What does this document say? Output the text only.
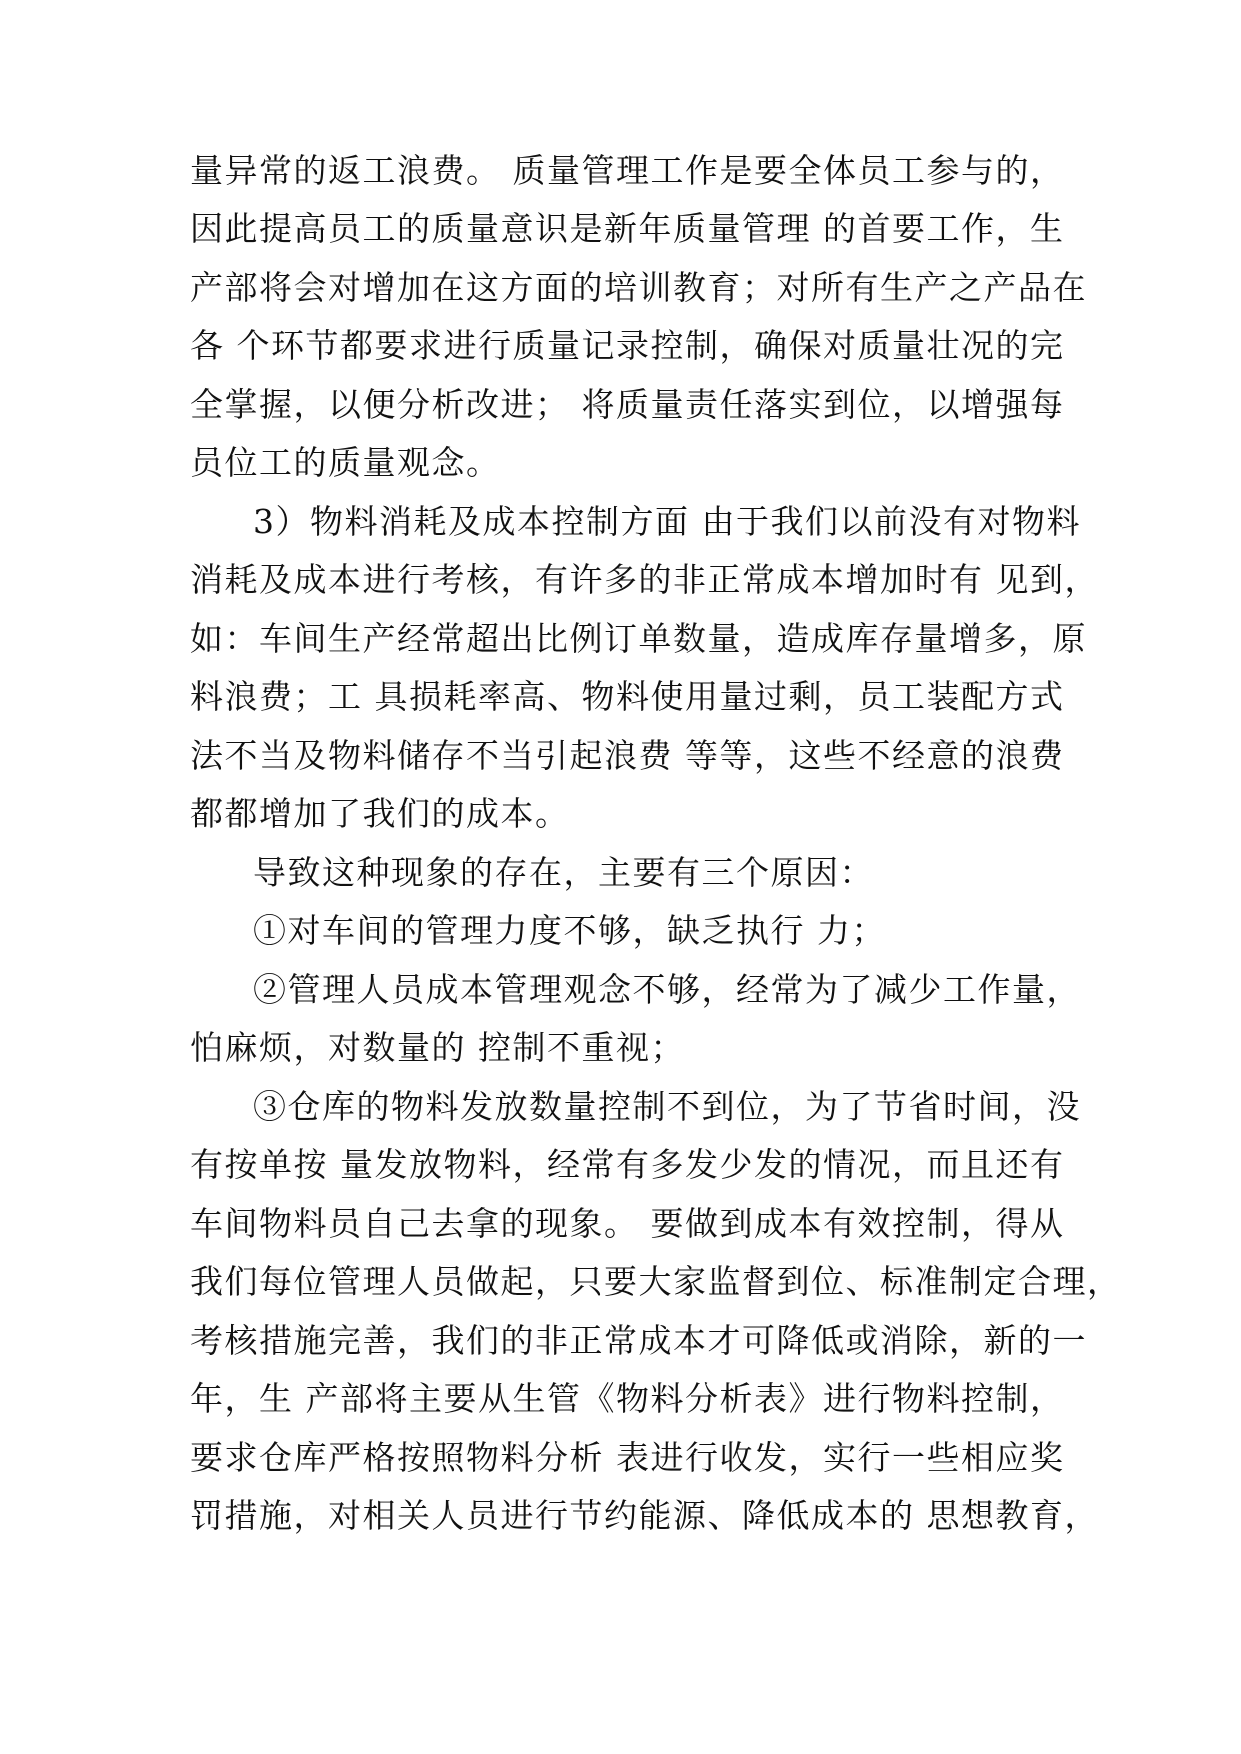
量异常的返工浪费。 质量管理工作是要全体员工参与的，
因此提高员工的质量意识是新年质量管理 的首要工作，生
产部将会对增加在这方面的培训教育；对所有生产之产品在
各 个环节都要求进行质量记录控制，确保对质量壮况的完
全掌握，以便分析改进； 将质量责任落实到位，以增强每
员位工的质量观念。
3）物料消耗及成本控制方面 由于我们以前没有对物料
消耗及成本进行考核，有许多的非正常成本增加时有 见到，
如：车间生产经常超出比例订单数量，造成库存量增多，原
料浪费；工 具损耗率高、物料使用量过剩，员工装配方式
法不当及物料储存不当引起浪费 等等，这些不经意的浪费
都都增加了我们的成本。
导致这种现象的存在，主要有三个原因：
①对车间的管理力度不够，缺乏执行 力；
②管理人员成本管理观念不够，经常为了减少工作量，
怕麻烦，对数量的 控制不重视；
③仓库的物料发放数量控制不到位，为了节省时间，没
有按单按 量发放物料，经常有多发少发的情况，而且还有
车间物料员自己去拿的现象。 要做到成本有效控制，得从
我们每位管理人员做起，只要大家监督到位、标准制定合理，
考核措施完善，我们的非正常成本才可降低或消除，新的一
年，生 产部将主要从生管《物料分析表》进行物料控制，
要求仓库严格按照物料分析 表进行收发，实行一些相应奖
罚措施，对相关人员进行节约能源、降低成本的 思想教育，
